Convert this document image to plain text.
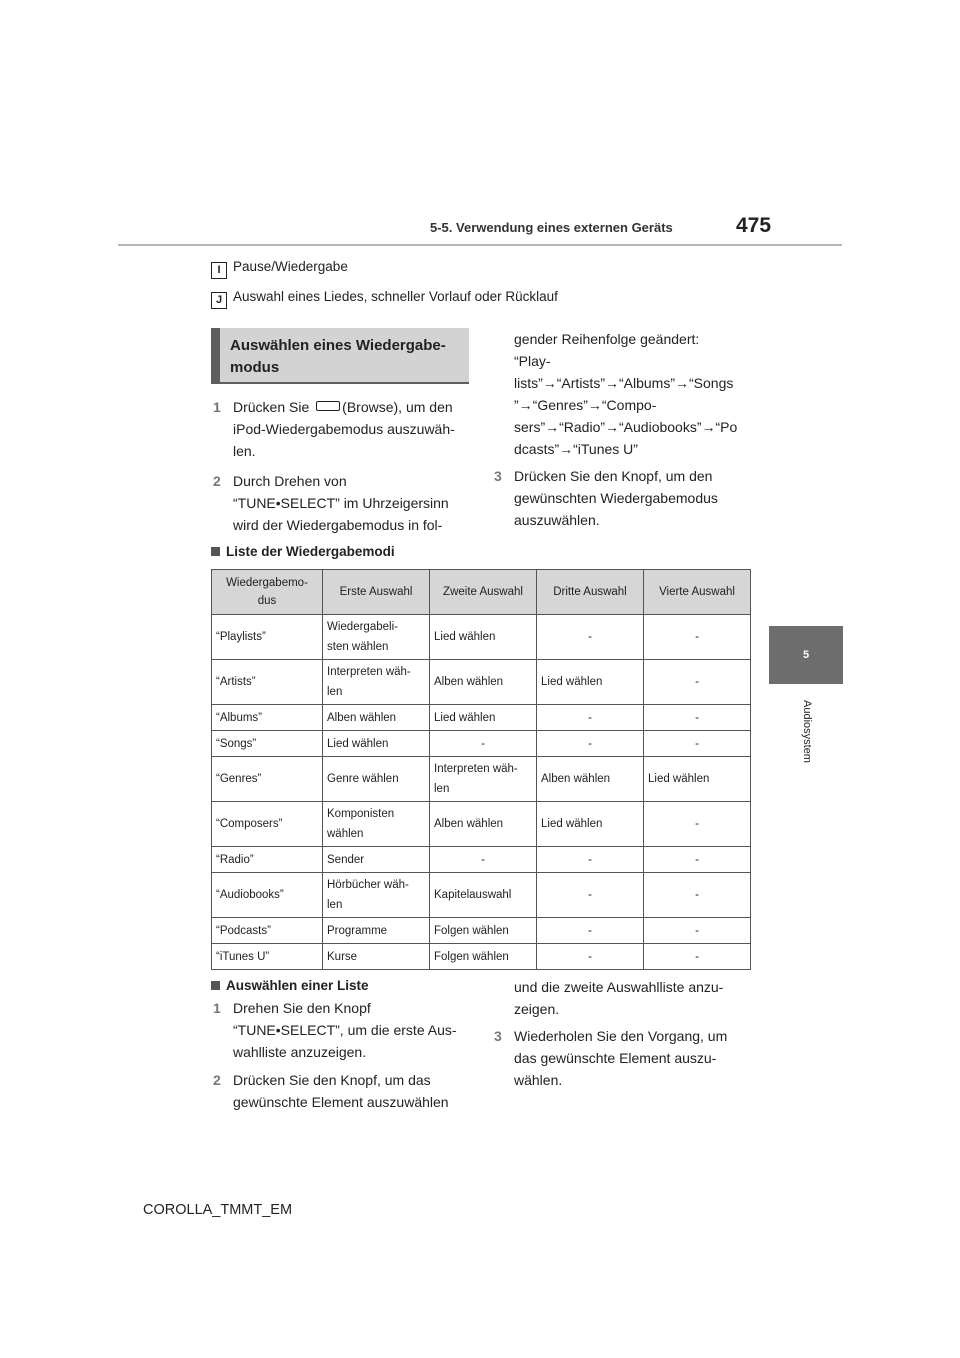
5-5. Verwendung eines externen Geräts	475
5
Audiosystem
I Pause/Wiedergabe
J Auswahl eines Liedes, schneller Vorlauf oder Rücklauf
Auswählen eines Wiedergabe-modus
1 Drücken Sie (Browse), um den
iPod-Wiedergabemodus auszuwäh-
len.
2 Durch Drehen von
“TUNE•SELECT” im Uhrzeigersinn
wird der Wiedergabemodus in fol-
gender Reihenfolge geändert:
“Play-
lists”→“Artists”→“Albums”→“Songs
”→“Genres”→“Compo-
sers”→“Radio”→“Audiobooks”→“Po
dcasts”→“iTunes U”
3 Drücken Sie den Knopf, um den
gewünschten Wiedergabemodus
auszuwählen.
Liste der Wiedergabemodi
Wiedergabemo-
dus	Erste Auswahl	Zweite Auswahl	Dritte Auswahl	Vierte Auswahl
“Playlists”	Wiedergabeli-
sten wählen	Lied wählen	-	-
“Artists”	Interpreten wäh-
len	Alben wählen	Lied wählen	-
“Albums”	Alben wählen	Lied wählen	-	-
“Songs”	Lied wählen	-	-	-
“Genres”	Genre wählen	Interpreten wäh-
len	Alben wählen	Lied wählen
“Composers”	Komponisten
wählen	Alben wählen	Lied wählen	-
“Radio”	Sender	-	-	-
“Audiobooks”	Hörbücher wäh-
len	Kapitelauswahl	-	-
“Podcasts”	Programme	Folgen wählen	-	-
“iTunes U”	Kurse	Folgen wählen	-	-
Auswählen einer Liste
1 Drehen Sie den Knopf
“TUNE•SELECT”, um die erste Aus-
wahlliste anzuzeigen.
2 Drücken Sie den Knopf, um das
gewünschte Element auszuwählen
und die zweite Auswahlliste anzu-
zeigen.
3 Wiederholen Sie den Vorgang, um
das gewünschte Element auszu-
wählen.
COROLLA_TMMT_EM
